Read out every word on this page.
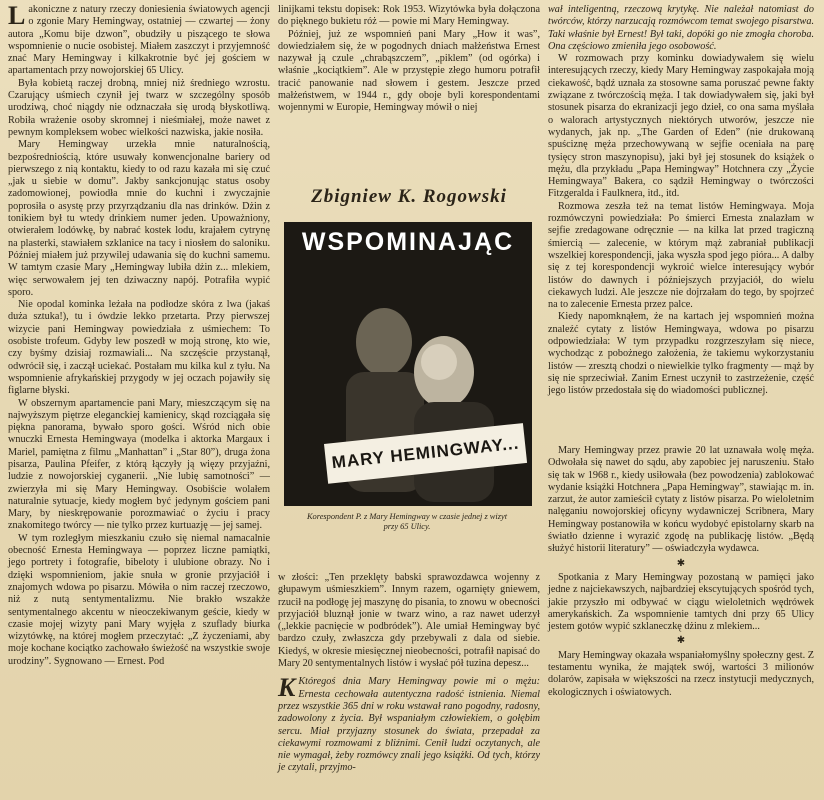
Lakoniczne z natury rzeczy doniesienia światowych agencji o zgonie Mary Hemingway, ostatniej — czwartej — żony autora „Komu bije dzwon”, obudziły u piszącego te słowa wspomnienie o nucie osobistej. Miałem zaszczyt i przyjemność znać Mary Hemingway i kilkakrotnie być jej gościem w apartamentach przy nowojorskiej 65 Ulicy.

Była kobietą raczej drobną, mniej niż średniego wzrostu. Czarujący uśmiech czynił jej twarz w szczególny sposób urodziwą, choć niągdy nie odznaczała się urodą błyskotliwą. Robiła wrażenie osoby skromnej i nieśmiałej, może nawet z pewnym kompleksem wobec wielkości nazwiska, jakie nosiła.

Mary Hemingway urzekła mnie naturalnością, bezpośredniością, które usuwały konwencjonalne bariery od pierwszego z nią kontaktu, kiedy to od razu kazała mi się czuć „jak u siebie w domu”. Jakby sankcjonując status osoby zadomowionej, powiodła mnie do kuchni i zwyczajnie poprosiła o asystę przy przyrządzaniu dla nas drinków. Dżin z tonikiem był tu wtedy drinkiem numer jeden. Upoważniony, otwierałem lodówkę, by nabrać kostek lodu, krajałem cytrynę na plasterki, stawiałem szklanice na tacy i niosłem do saloniku. Później miałem już przywilej udawania się do kuchni samemu. W tamtym czasie Mary „Hemingway lubiła dżin z... mlekiem, więc serwowałem jej ten dziwaczny napój. Potrafiła wypić sporo.

Nie opodal kominka leżała na podłodze skóra z lwa (jakaś duża sztuka!), tu i ówdzie lekko przetarta. Przy pierwszej wizycie pani Hemingway powiedziała z uśmiechem: To osobiste trofeum. Gdyby lew poszedł w moją stronę, kto wie, czy byśmy dzisiaj rozmawiali... Na szczęście przystanął, odwrócił się, i zaczął uciekać. Postałam mu kilka kul z tyłu. Na wspomnienie afrykańskiej przygody w jej oczach pojawiły się figlarne błyski.

W obszernym apartamencie pani Mary, mieszczącym się na najwyższym piętrze eleganckiej kamienicy, skąd rozciągała się piękna panorama, bywało sporo gości. Wśród nich obie wnuczki Ernesta Hemingwaya (modelka i aktorka Margaux i Mariel, pamiętna z filmu „Manhattan” i „Star 80”), druga żona pisarza, Paulina Pfeifer, z którą łączyły ją więzy przyjaźni, ludzie z nowojorskiej cyganerii. „Nie lubię samotności” — zwierzyła mi się Mary Hemingway. Osobiście wolałem naturalnie sytuacje, kiedy mogłem być jedynym gościem pani Mary, by nieskrępowanie porozmawiać o życiu i pracy znakomitego twórcy — nie tylko przez kurtuazję — jej samej.

W tym rozległym mieszkaniu czuło się niemal namacalnie obecność Ernesta Hemingwaya — poprzez liczne pamiątki, jego portrety i fotografie, bibeloty i ulubione obrazy. No i dzięki wspomnieniom, jakie snuła w gronie przyjaciół i znajomych wdowa po pisarzu. Mówiła o nim raczej rzeczowo, niż z nutą sentymentalizmu. Nie brakło wszakże sentymentalnego akcentu w nieoczekiwanym geście, kiedy w czasie mojej wizyty pani Mary wyjęła z szuflady biurka wizytówkę, na której mogłem przeczytać: „Z życzeniami, aby moje kochane kociątko zachowało świeżość na wszystkie swoje urodziny”. Sygnowano — Ernest. Pod

linijkami tekstu dopisek: Rok 1953. Wizytówka była dołączona do pięknego bukietu róż — powie mi Mary Hemingway.

Później, już ze wspomnień pani Mary „How it was”, dowiedziałem się, że w pogodnych dniach małżeństwa Ernest nazywał ją czule „chrabąszczem”, „piklem” (od ogórka) i właśnie „kociątkiem”. Ale w przystępie złego humoru potrafił tracić panowanie nad słowem i gestem. Jeszcze przed małżeństwem, w 1944 r., gdy oboje byli korespondentami wojennymi w Europie, Hemingway mówił o niej

Zbigniew K. Rogowski
WSPOMINAJĄC
MARY HEMINGWAY...
Korespondent P. z Mary Hemingway w czasie jednej z wizyt przy 65 Ulicy.

w złości: „Ten przeklęty babski sprawozdawca wojenny z głupawym uśmieszkiem”. Innym razem, ogarnięty gniewem, rzucił na podłogę jej maszynę do pisania, to znowu w obecności przyjaciół bluznął jonie w twarz wino, a raz nawet uderzył („lekkie pacnięcie w podbródek”). Ale umiał Hemingway być bardzo czuły, zwłaszcza gdy przebywali z dala od siebie. Kiedyś, w okresie miesięcznej nieobecności, potrafił napisać do Mary 20 sentymentalnych listów i wysłać pół tuzina depesz...

K Któregoś dnia Mary Hemingway powie mi o mężu: Ernesta cechowała autentyczna radość istnienia. Niemal przez wszystkie 365 dni w roku wstawał rano pogodny, radosny, zadowolony z życia. Był wspaniałym człowiekiem, o gołębim sercu. Miał przyjazny stosunek do świata, przepadał za ciekawymi rozmowami z bliźnimi. Cenił ludzi oczytanych, ale nie wymagał, żeby rozmówcy znali jego książki. Od tych, którzy je czytali, przyjmo-

wał inteligentną, rzeczową krytykę. Nie należał natomiast do twórców, którzy narzucają rozmówcom temat swojego pisarstwa. Taki właśnie był Ernest! Był taki, dopóki go nie zmogła choroba. Ona częściowo zmieniła jego osobowość.

W rozmowach przy kominku dowiadywałem się wielu interesujących rzeczy, kiedy Mary Hemingway zaspokajała moją ciekawość, bądź uznała za stosowne sama poruszać pewne fakty związane z twórczością męża. I tak dowiadywałem się, jaki był stosunek pisarza do ekranizacji jego dzieł, co ona sama myślała o walorach artystycznych niektórych utworów, jeszcze nie wydanych, jak np. „The Garden of Eden” (nie drukowaną spuściznę męża przechowywaną w sejfie oceniała na parę tysięcy stron maszynopisu), jaki był jej stosunek do książek o mężu, dla przykładu „Papa Hemingway” Hotchnera czy „Życie Hemingwaya” Bakera, co sądził Hemingway o twórczości Fitzgeralda i Faulknera, itd., itd.

Rozmowa zeszła też na temat listów Hemingwaya. Moja rozmówczyni powiedziała: Po śmierci Ernesta znalazłam w sejfie zredagowane odręcznie — na kilka lat przed tragiczną śmiercią — zalecenie, w którym mąż zabraniał publikacji wszelkiej korespondencji, jaka wyszła spod jego pióra... A dalby się z tej korespondencji wykroić wielce interesujący wybór listów do dawnych i późniejszych przyjaciół, do wielu ciekawych ludzi. Ale jeszcze nie dojrzałam do tego, by spojrzeć na to zalecenie Ernesta przez palce.

Kiedy napomknąłem, że na kartach jej wspomnień można znaleźć cytaty z listów Hemingwaya, wdowa po pisarzu odpowiedziała: W tym przypadku rozgrzeszyłam się niece, wychodząc z pobożnego założenia, że takiemu wykorzystaniu listów — zresztą chodzi o niewielkie tylko fragmenty — mąż by się nie sprzeciwiał. Zanim Ernest uczynił to zastrzeżenie, część jego listów przedostała się do wiadomości publicznej.

Mary Hemingway przez prawie 20 lat uznawała wolę męża. Odwołała się nawet do sądu, aby zapobiec jej naruszeniu. Stało się tak w 1968 r., kiedy usiłowała (bez powodzenia) zablokować wydanie książki Hotchnera „Papa Hemingway”, stawiając m. in. zarzut, że autor zamieścił cytaty z listów pisarza. Po wieloletnim nalęganiu nowojorskiej oficyny wydawniczej Scribnera, Mary Hemingway postanowiła w końcu wydobyć epistolarny skarb na światło dzienne i wyrazić zgodę na publikację listów. „Będą służyć historii literatury” — oświadczyła wydawca.

✱

Spotkania z Mary Hemingway pozostaną w pamięci jako jedne z najciekawszych, najbardziej ekscytujących spośród tych, jakie przyszło mi odbywać w ciągu wieloletnich wędrówek amerykańskich. Za wspomnienie tamtych dni przy 65 Ulicy jestem gotów wypić szklaneczkę dżinu z mlekiem...

✱

Mary Hemingway okazała wspaniałomyślny społeczny gest. Z testamentu wynika, że majątek swój, wartości 3 milionów dolarów, zapisała w większości na rzecz instytucji medycznych, ekologicznych i oświatowych.
